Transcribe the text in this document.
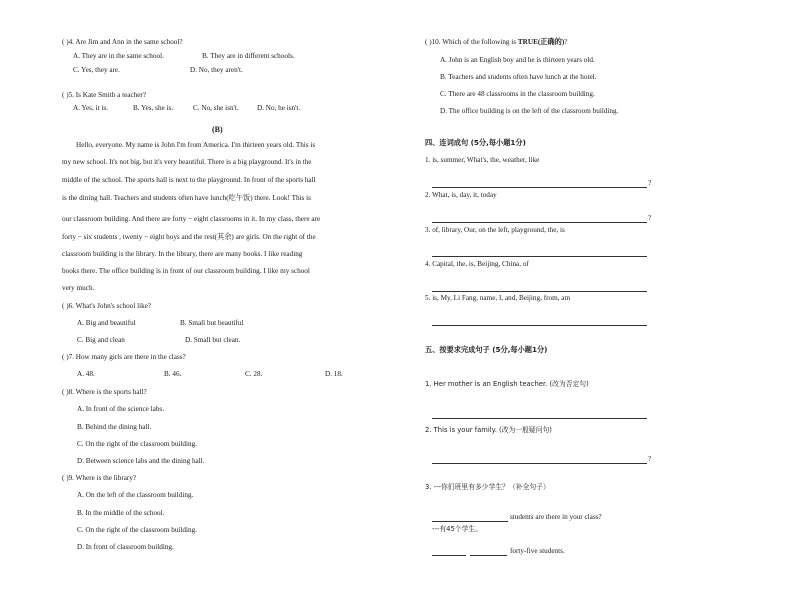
( )4. Are Jim and Ann in the same school?
A. They are in the same school.	B. They are in different schools.
C. Yes, they are.	D. No, they aren't.
( )5. Is Kate Smith a teacher?
A. Yes, it is.	B. Yes, she is.	C. No, she isn't.	D. No, he isn't.
(B)
Hello, everyone. My name is John I'm from America. I'm thirteen years old. This is
my new school. It's not big, but it's very beautiful. There is a big playground. It's in the
middle of the school. The sports hall is next to the playground. In front of the sports hall
is the dining hall. Teachers and students often have lunch(吃午饭) there. Look! This is
our classroom building. And there are forty − eight classrooms in it. In my class, there are
forty − six students , twenty − eight boys and the rest(其余) are girls. On the right of the
classroom building is the library. In the library, there are many books. I like reading
books there. The office building is in front of our classroom building. I like my school
very much.
( )6. What's John's school like?
A. Big and beautiful	B. Small but beautiful
C. Big and clean	D. Small but clean.
( )7. How many girls are there in the class?
A. 48.	B. 46.	C. 28.	D. 18.
( )8. Where is the sports hall?
A. In front of the science labs.
B. Behind the dining hall.
C. On the right of the classroom building.
D. Between science labs and the dining hall.
( )9. Where is the library?
A. On the left of the classroom building.
B. In the middle of the school.
C. On the right of the classroom building.
D. In front of classroom building.
( )10. Which of the following is TRUE(正确的)?
A. John is an English boy and he is thirteen years old.
B. Teachers and students often have lunch at the hotel.
C. There are 48 classrooms in the classroom building.
D. The office building is on the left of the classroom building.
四、连词成句 (5分,每小题1分)
1. is, summer, What's, the, weather, like
?
2. What, is, day, it, today
?
3. of, library, Our, on the left, playground, the, is
4. Capital, the, is, Beijing, China, of
5. is, My, Li Fang, name, I, and, Beijing, from, am
五、按要求完成句子 (5分,每小题1分)
1. Her mother is an English teacher. (改为否定句)
2. This is your family. (改为一般疑问句)
?
3. ---你们班里有多少学生？（补全句子）
students are there in your class?
---有45个学生。
forty-five students.
